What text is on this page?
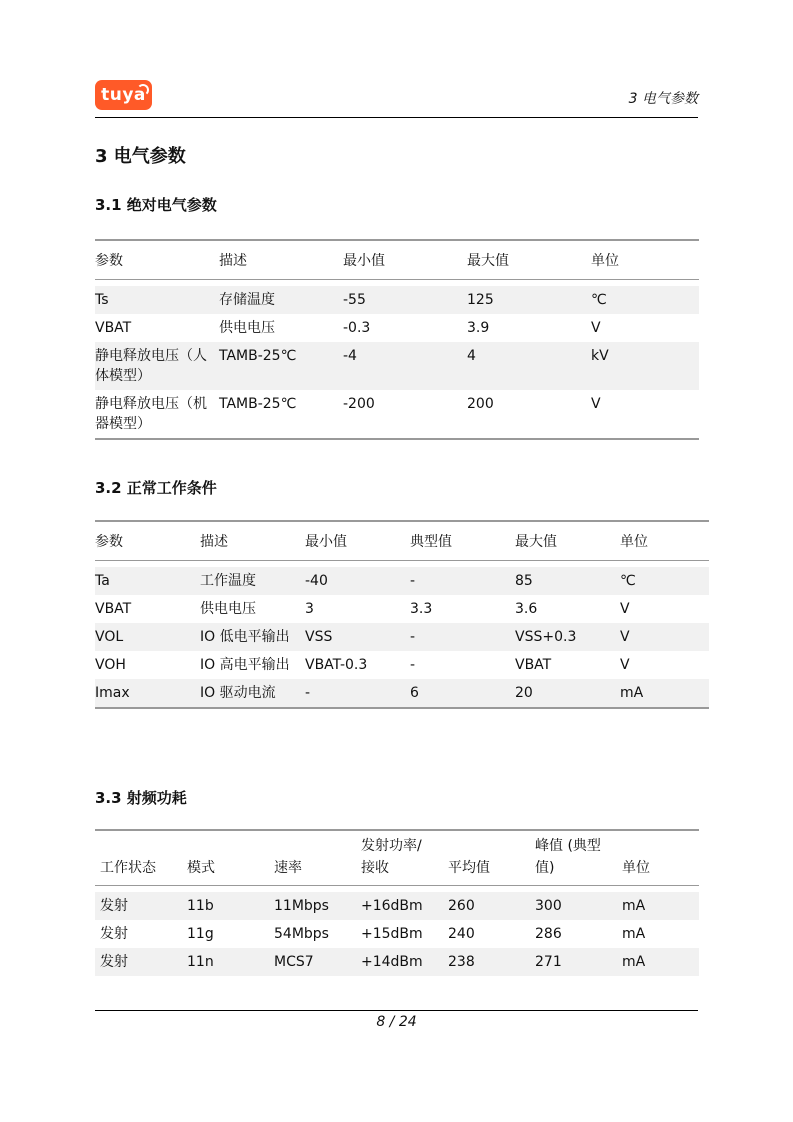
tuya	3 电气参数
3 电气参数
3.1 绝对电气参数
参数	描述	最小值	最大值	单位

Ts	存储温度	-55	125	℃
VBAT	供电电压	-0.3	3.9	V
静电释放电压（人体模型）	TAMB-25℃	-4	4	kV
静电释放电压（机器模型）	TAMB-25℃	-200	200	V
3.2 正常工作条件
参数	描述	最小值	典型值	最大值	单位

Ta	工作温度	-40	-	85	℃
VBAT	供电电压	3	3.3	3.6	V
VOL	IO 低电平输出	VSS	-	VSS+0.3	V
VOH	IO 高电平输出	VBAT-0.3	-	VBAT	V
Imax	IO 驱动电流	-	6	20	mA
3.3 射频功耗
工作状态	模式	速率	发射功率/接收	平均值	峰值 (典型值)	单位

发射	11b	11Mbps	+16dBm	260	300	mA
发射	11g	54Mbps	+15dBm	240	286	mA
发射	11n	MCS7	+14dBm	238	271	mA
8 / 24
